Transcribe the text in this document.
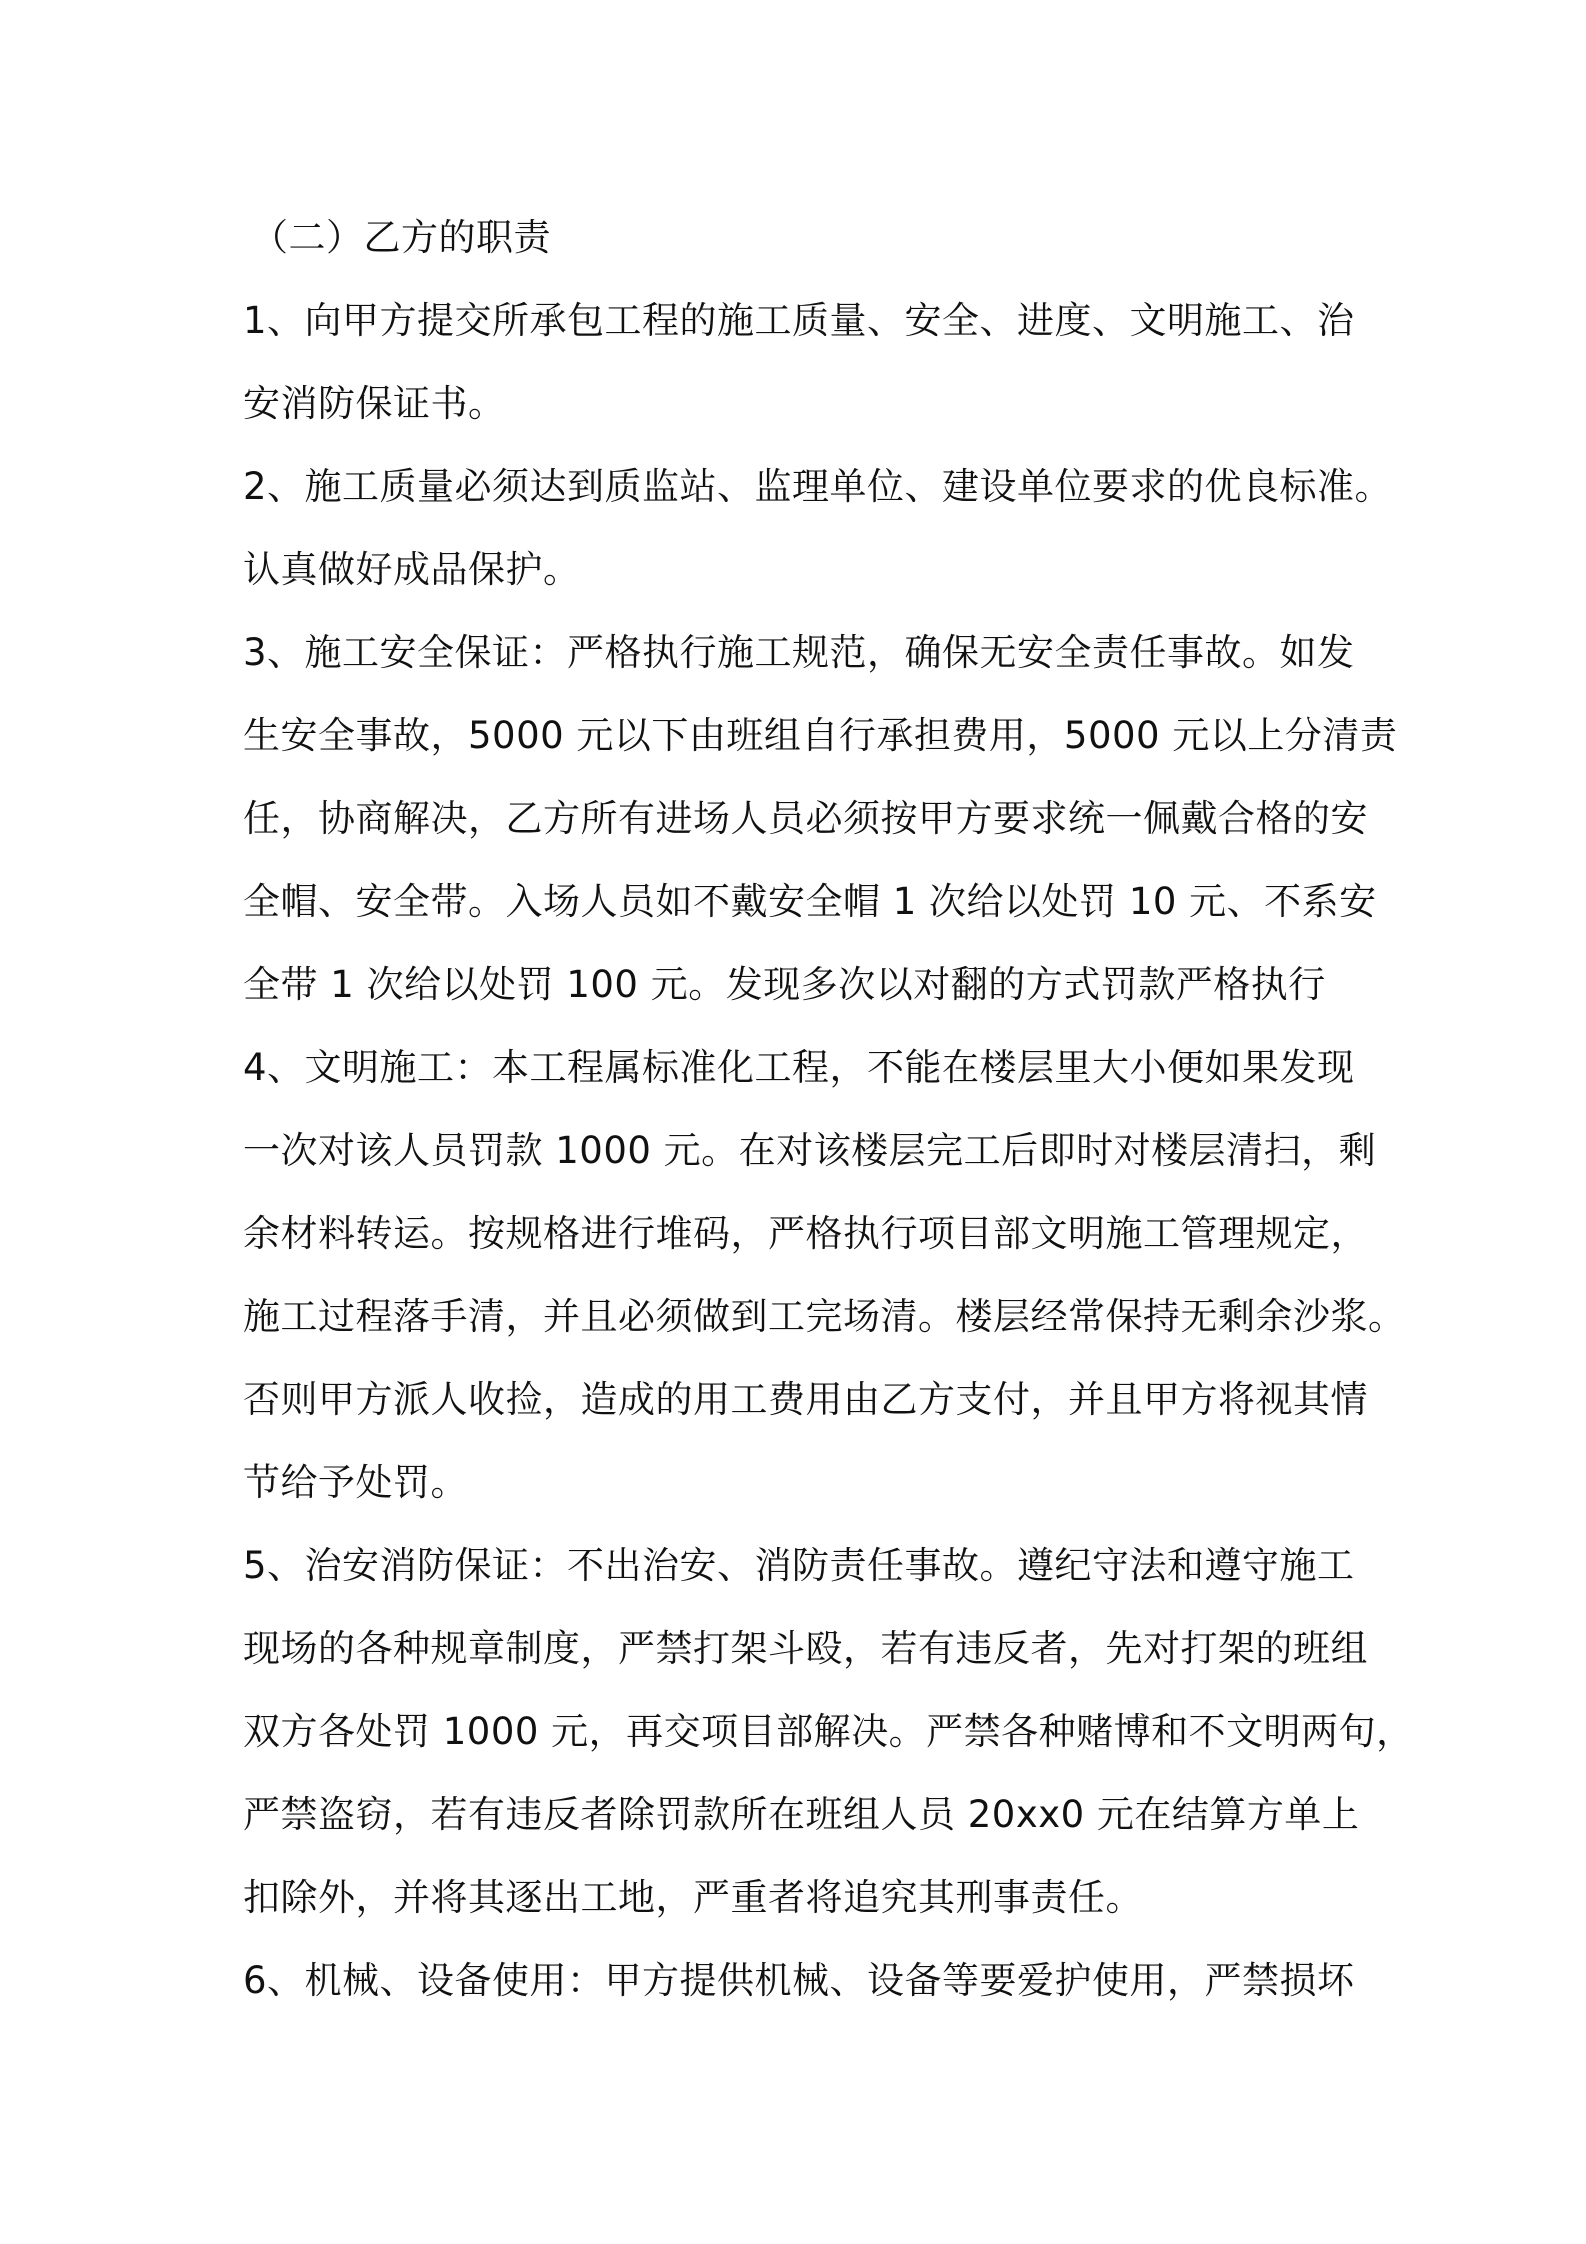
（二）乙方的职责
1、向甲方提交所承包工程的施工质量、安全、进度、文明施工、治
安消防保证书。
2、施工质量必须达到质监站、监理单位、建设单位要求的优良标准。
认真做好成品保护。
3、施工安全保证：严格执行施工规范，确保无安全责任事故。如发
生安全事故，5000 元以下由班组自行承担费用，5000 元以上分清责
任，协商解决，乙方所有进场人员必须按甲方要求统一佩戴合格的安
全帽、安全带。入场人员如不戴安全帽 1 次给以处罚 10 元、不系安
全带 1 次给以处罚 100 元。发现多次以对翻的方式罚款严格执行
4、文明施工：本工程属标准化工程，不能在楼层里大小便如果发现
一次对该人员罚款 1000 元。在对该楼层完工后即时对楼层清扫，剩
余材料转运。按规格进行堆码，严格执行项目部文明施工管理规定，
施工过程落手清，并且必须做到工完场清。楼层经常保持无剩余沙浆。
否则甲方派人收捡，造成的用工费用由乙方支付，并且甲方将视其情
节给予处罚。
5、治安消防保证：不出治安、消防责任事故。遵纪守法和遵守施工
现场的各种规章制度，严禁打架斗殴，若有违反者，先对打架的班组
双方各处罚 1000 元，再交项目部解决。严禁各种赌博和不文明两句，
严禁盗窃，若有违反者除罚款所在班组人员 20xx0 元在结算方单上
扣除外，并将其逐出工地，严重者将追究其刑事责任。
6、机械、设备使用：甲方提供机械、设备等要爱护使用，严禁损坏
